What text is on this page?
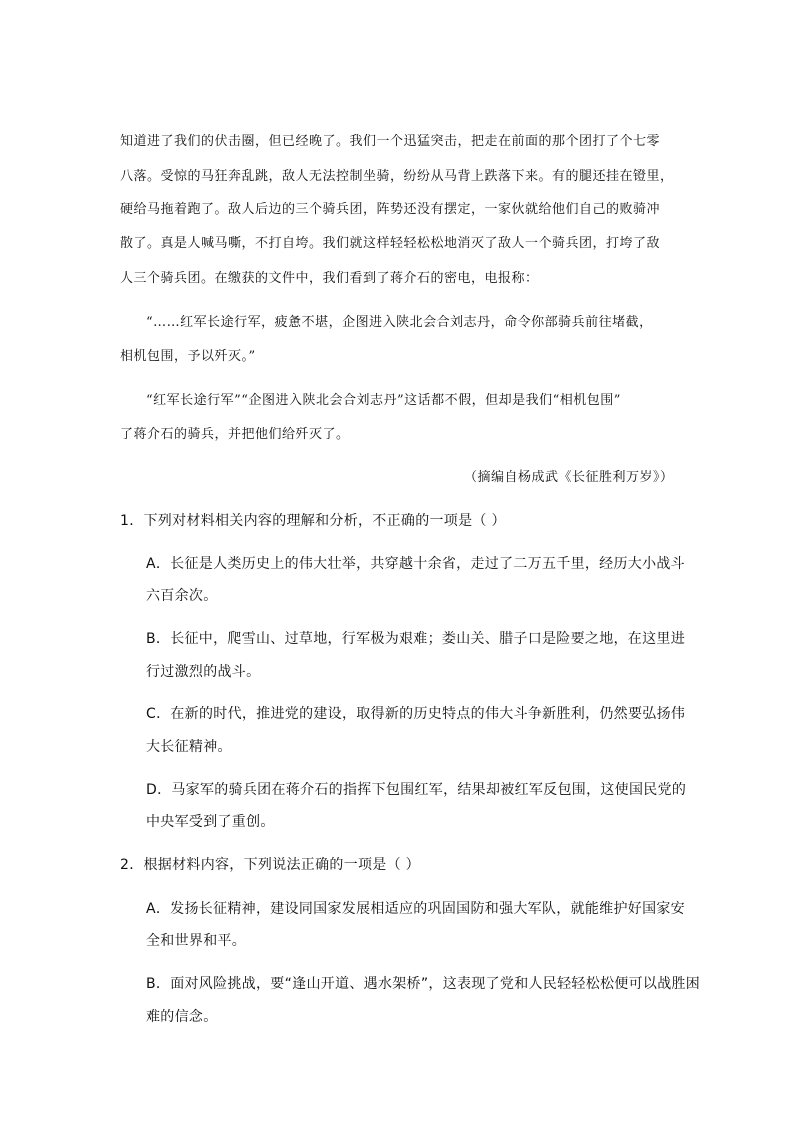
知道进了我们的伏击圈，但已经晚了。我们一个迅猛突击，把走在前面的那个团打了个七零
八落。受惊的马狂奔乱跳，敌人无法控制坐骑，纷纷从马背上跌落下来。有的腿还挂在镫里，
硬给马拖着跑了。敌人后边的三个骑兵团，阵势还没有摆定，一家伙就给他们自己的败骑冲
散了。真是人喊马嘶，不打自垮。我们就这样轻轻松松地消灭了敌人一个骑兵团，打垮了敌
人三个骑兵团。在缴获的文件中，我们看到了蒋介石的密电，电报称：
“……红军长途行军，疲惫不堪，企图进入陕北会合刘志丹，命令你部骑兵前往堵截，
相机包围，予以歼灭。”
“红军长途行军”“企图进入陕北会合刘志丹”这话都不假，但却是我们“相机包围”
了蒋介石的骑兵，并把他们给歼灭了。
（摘编自杨成武《长征胜利万岁》）
1．下列对材料相关内容的理解和分析，不正确的一项是（ ）
A．长征是人类历史上的伟大壮举，共穿越十余省，走过了二万五千里，经历大小战斗
六百余次。
B．长征中，爬雪山、过草地，行军极为艰难；娄山关、腊子口是险要之地，在这里进
行过激烈的战斗。
C．在新的时代，推进党的建设，取得新的历史特点的伟大斗争新胜利，仍然要弘扬伟
大长征精神。
D．马家军的骑兵团在蒋介石的指挥下包围红军，结果却被红军反包围，这使国民党的
中央军受到了重创。
2．根据材料内容，下列说法正确的一项是（ ）
A．发扬长征精神，建设同国家发展相适应的巩固国防和强大军队，就能维护好国家安
全和世界和平。
B．面对风险挑战，要“逢山开道、遇水架桥”，这表现了党和人民轻轻松松便可以战胜困
难的信念。
